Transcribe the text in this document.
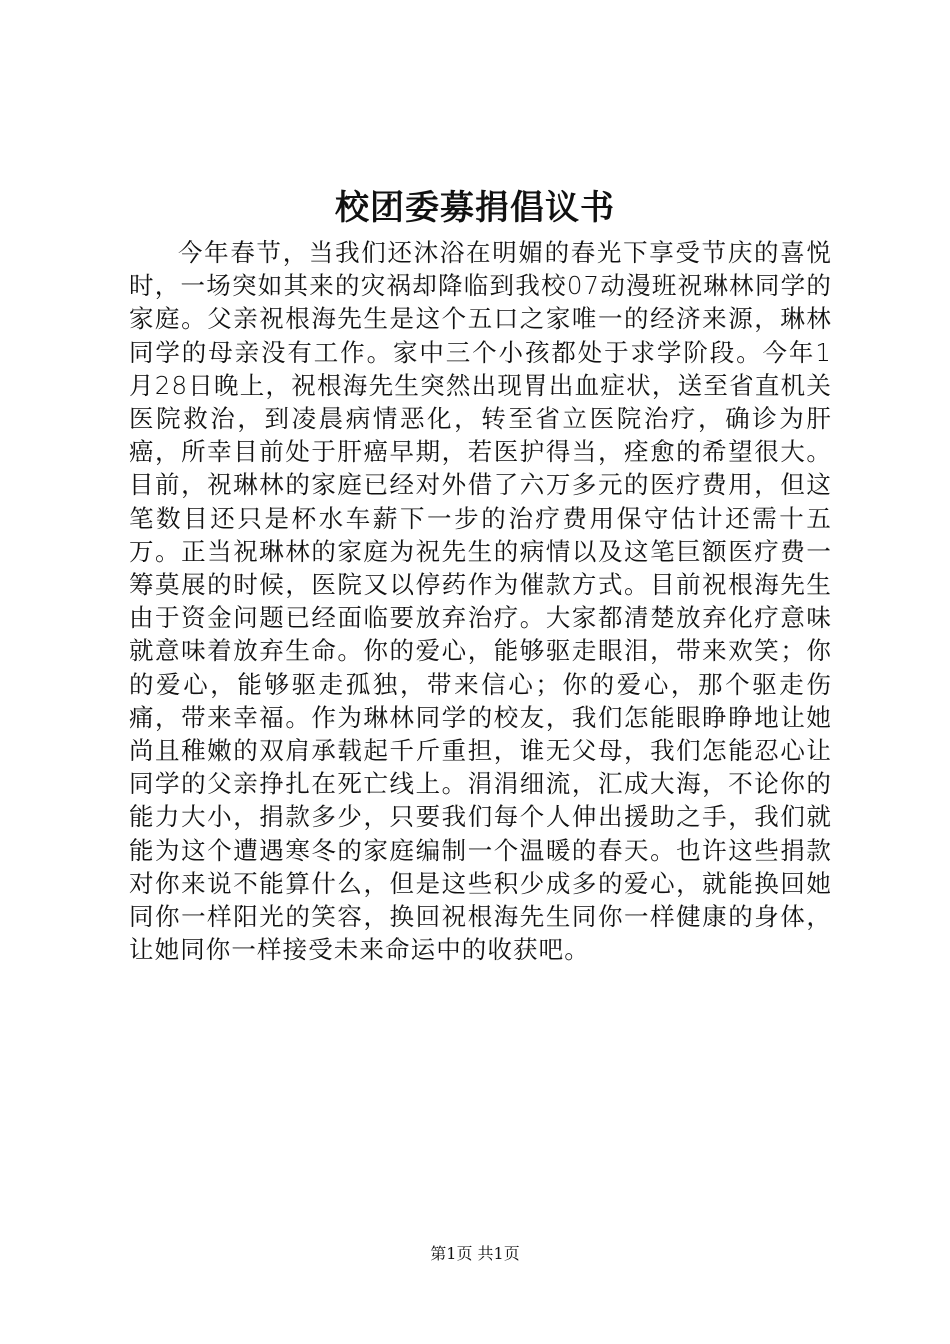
校团委募捐倡议书
今年春节，当我们还沐浴在明媚的春光下享受节庆的喜悦时，一场突如其来的灾祸却降临到我校07动漫班祝琳林同学的家庭。父亲祝根海先生是这个五口之家唯一的经济来源，琳林同学的母亲没有工作。家中三个小孩都处于求学阶段。今年1月28日晚上，祝根海先生突然出现胃出血症状，送至省直机关医院救治，到凌晨病情恶化，转至省立医院治疗，确诊为肝癌，所幸目前处于肝癌早期，若医护得当，痊愈的希望很大。目前，祝琳林的家庭已经对外借了六万多元的医疗费用，但这笔数目还只是杯水车薪下一步的治疗费用保守估计还需十五万。正当祝琳林的家庭为祝先生的病情以及这笔巨额医疗费一筹莫展的时候，医院又以停药作为催款方式。目前祝根海先生由于资金问题已经面临要放弃治疗。大家都清楚放弃化疗意味就意味着放弃生命。你的爱心，能够驱走眼泪，带来欢笑；你的爱心，能够驱走孤独，带来信心；你的爱心，那个驱走伤痛，带来幸福。作为琳林同学的校友，我们怎能眼睁睁地让她尚且稚嫩的双肩承载起千斤重担，谁无父母，我们怎能忍心让同学的父亲挣扎在死亡线上。涓涓细流，汇成大海，不论你的能力大小，捐款多少，只要我们每个人伸出援助之手，我们就能为这个遭遇寒冬的家庭编制一个温暖的春天。也许这些捐款对你来说不能算什么，但是这些积少成多的爱心，就能换回她同你一样阳光的笑容，换回祝根海先生同你一样健康的身体，让她同你一样接受未来命运中的收获吧。
第1页 共1页
